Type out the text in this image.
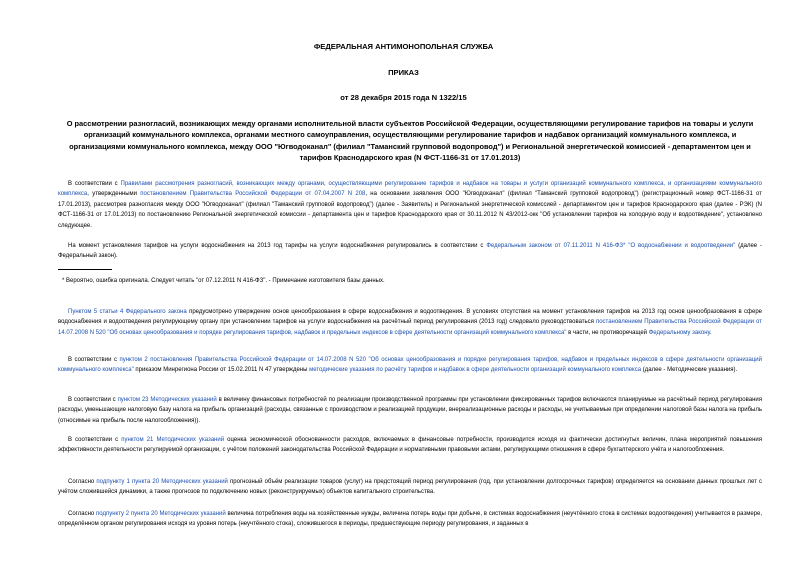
ФЕДЕРАЛЬНАЯ АНТИМОНОПОЛЬНАЯ СЛУЖБА
ПРИКАЗ
от 28 декабря 2015 года N 1322/15
О рассмотрении разногласий, возникающих между органами исполнительной власти субъектов Российской Федерации, осуществляющими регулирование тарифов на товары и услуги организаций коммунального комплекса, органами местного самоуправления, осуществляющими регулирование тарифов и надбавок организаций коммунального комплекса, и организациями коммунального комплекса, между ООО "Югводоканал" (филиал "Таманский групповой водопровод") и Региональной энергетической комиссией - департаментом цен и тарифов Краснодарского края (N ФСТ-1166-31 от 17.01.2013)
В соответствии с Правилами рассмотрения разногласий, возникающих между органами, осуществляющими регулирование тарифов и надбавок на товары и услуги организаций коммунального комплекса, и организациями коммунального комплекса, утвержденными постановлением Правительства Российской Федерации от 07.04.2007 N 208, на основании заявления ООО "Югводоканал" (филиал "Таманский групповой водопровод") (регистрационный номер ФСТ-1166-31 от 17.01.2013), рассмотрев разногласия между ООО "Югводоканал" (филиал "Таманский групповой водопровод") (далее - Заявитель) и Региональной энергетической комиссией - департаментом цен и тарифов Краснодарского края (далее - РЭК) (N ФСТ-1166-31 от 17.01.2013) по постановлению Региональной энергетической комиссии - департамента цен и тарифов Краснодарского края от 30.11.2012 N 43/2012-окк "Об установлении тарифов на холодную воду и водоотведение", установлено следующее.
На момент установления тарифов на услуги водоснабжения на 2013 год тарифы на услуги водоснабжения регулировались в соответствии с Федеральным законом от 07.11.2011 N 416-ФЗ* "О водоснабжении и водоотведении" (далее - Федеральный закон).
* Вероятно, ошибка оригинала. Следует читать "от 07.12.2011 N 416-ФЗ". - Примечание изготовителя базы данных.
Пунктом 5 статьи 4 Федерального закона предусмотрено утверждение основ ценообразования в сфере водоснабжения и водоотведения. В условиях отсутствия на момент установления тарифов на 2013 год основ ценообразования в сфере водоснабжения и водоотведения регулирующему органу при установлении тарифов на услуги водоснабжения на расчётный период регулирования (2013 год) следовало руководствоваться постановлением Правительства Российской Федерации от 14.07.2008 N 520 "Об основах ценообразования и порядке регулирования тарифов, надбавок и предельных индексов в сфере деятельности организаций коммунального комплекса" в части, не противоречащей Федеральному закону.
В соответствии с пунктом 2 постановления Правительства Российской Федерации от 14.07.2008 N 520 "Об основах ценообразования и порядке регулирования тарифов, надбавок и предельных индексов в сфере деятельности организаций коммунального комплекса" приказом Минрегиона России от 15.02.2011 N 47 утверждены методические указания по расчёту тарифов и надбавок в сфере деятельности организаций коммунального комплекса (далее - Методические указания).
В соответствии с пунктом 23 Методических указаний в величину финансовых потребностей по реализации производственной программы при установлении фиксированных тарифов включаются планируемые на расчётный период регулирования расходы, уменьшающие налоговую базу налога на прибыль организаций (расходы, связанные с производством и реализацией продукции, внереализационные расходы и расходы, не учитываемые при определении налоговой базы налога на прибыль (относимые на прибыль после налогообложения)).
В соответствии с пунктом 21 Методических указаний оценка экономической обоснованности расходов, включаемых в финансовые потребности, производится исходя из фактически достигнутых величин, плана мероприятий повышения эффективности деятельности регулируемой организации, с учётом положений законодательства Российской Федерации и нормативными правовыми актами, регулирующими отношения в сфере бухгалтерского учёта и налогообложения.
Согласно подпункту 1 пункта 20 Методических указаний прогнозный объём реализации товаров (услуг) на предстоящий период регулирования (год, при установлении долгосрочных тарифов) определяется на основании данных прошлых лет с учётом сложившейся динамики, а также прогнозов по подключению новых (реконструируемых) объектов капитального строительства.
Согласно подпункту 2 пункта 20 Методических указаний величина потребления воды на хозяйственные нужды, величина потерь воды при добыче, в системах водоснабжения (неучтённого стока в системах водоотведения) учитывается в размере, определённом органом регулирования исходя из уровня потерь (неучтённого стока), сложившегося в периоды, предшествующие периоду регулирования, и заданных в
